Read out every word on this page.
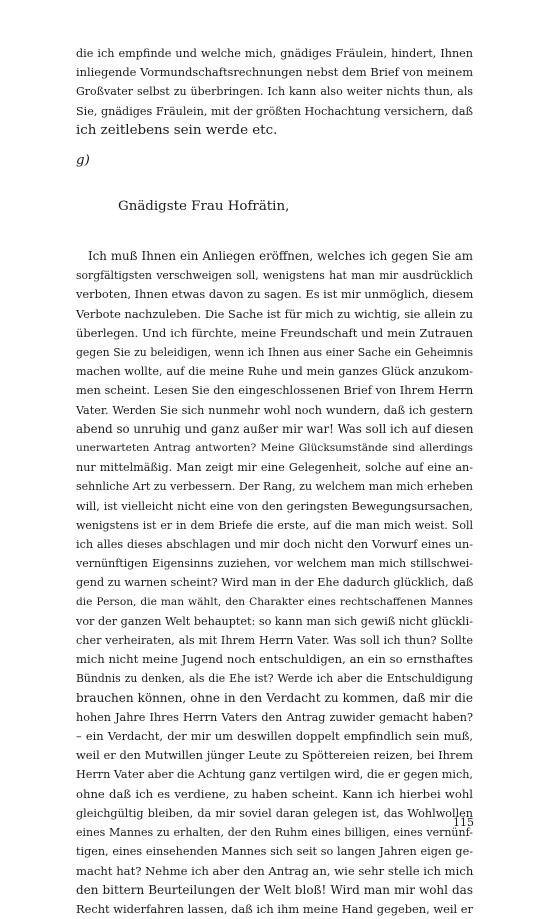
die ich empfinde und welche mich, gnädiges Fräulein, hindert, Ihnen
inliegende Vormundschaftsrechnungen nebst dem Brief von meinem
Großvater selbst zu überbringen. Ich kann also weiter nichts thun, als
Sie, gnädiges Fräulein, mit der größten Hochachtung versichern, daß
ich zeitlebens sein werde etc.
g)
Gnädigste Frau Hofrätin,
Ich muß Ihnen ein Anliegen eröffnen, welches ich gegen Sie am
sorgfältigsten verschweigen soll, wenigstens hat man mir ausdrücklich
verboten, Ihnen etwas davon zu sagen. Es ist mir unmöglich, diesem
Verbote nachzuleben. Die Sache ist für mich zu wichtig, sie allein zu
überlegen. Und ich fürchte, meine Freundschaft und mein Zutrauen
gegen Sie zu beleidigen, wenn ich Ihnen aus einer Sache ein Geheimnis
machen wollte, auf die meine Ruhe und mein ganzes Glück anzukom-
men scheint. Lesen Sie den eingeschlossenen Brief von Ihrem Herrn
Vater. Werden Sie sich nunmehr wohl noch wundern, daß ich gestern
abend so unruhig und ganz außer mir war! Was soll ich auf diesen
unerwarteten Antrag antworten? Meine Glücksumstände sind allerdings
nur mittelmäßig. Man zeigt mir eine Gelegenheit, solche auf eine an-
sehnliche Art zu verbessern. Der Rang, zu welchem man mich erheben
will, ist vielleicht nicht eine von den geringsten Bewegungsursachen,
wenigstens ist er in dem Briefe die erste, auf die man mich weist. Soll
ich alles dieses abschlagen und mir doch nicht den Vorwurf eines un-
vernünftigen Eigensinns zuziehen, vor welchem man mich stillschwei-
gend zu warnen scheint? Wird man in der Ehe dadurch glücklich, daß
die Person, die man wählt, den Charakter eines rechtschaffenen Mannes
vor der ganzen Welt behauptet: so kann man sich gewiß nicht glückli-
cher verheiraten, als mit Ihrem Herrn Vater. Was soll ich thun? Sollte
mich nicht meine Jugend noch entschuldigen, an ein so ernsthaftes
Bündnis zu denken, als die Ehe ist? Werde ich aber die Entschuldigung
brauchen können, ohne in den Verdacht zu kommen, daß mir die
hohen Jahre Ihres Herrn Vaters den Antrag zuwider gemacht haben?
– ein Verdacht, der mir um deswillen doppelt empfindlich sein muß,
weil er den Mutwillen jünger Leute zu Spöttereien reizen, bei Ihrem
Herrn Vater aber die Achtung ganz vertilgen wird, die er gegen mich,
ohne daß ich es verdiene, zu haben scheint. Kann ich hierbei wohl
gleichgültig bleiben, da mir soviel daran gelegen ist, das Wohlwollen
eines Mannes zu erhalten, der den Ruhm eines billigen, eines vernünf-
tigen, eines einsehenden Mannes sich seit so langen Jahren eigen ge-
macht hat? Nehme ich aber den Antrag an, wie sehr stelle ich mich
den bittern Beurteilungen der Welt bloß! Wird man mir wohl das
Recht widerfahren lassen, daß ich ihm meine Hand gegeben, weil er
115
